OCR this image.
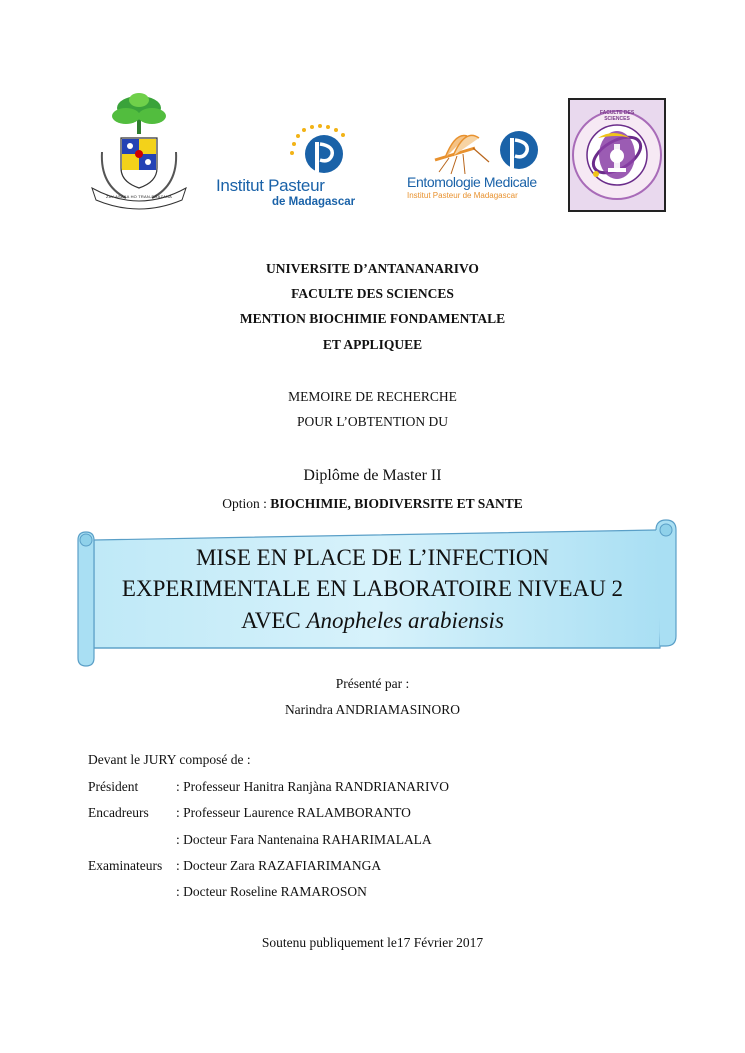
ZAY ASAKA HO TRAN-DRAZANA
Institut Pasteur
de Madagascar
Entomologie Medicale
Institut Pasteur de Madagascar
FACULTE DES SCIENCES
UNIVERSITE D’ANTANANARIVO
FACULTE DES SCIENCES
MENTION BIOCHIMIE FONDAMENTALE
ET APPLIQUEE
MEMOIRE DE RECHERCHE
POUR L’OBTENTION DU
Diplôme de Master II
Option : BIOCHIMIE, BIODIVERSITE ET SANTE
MISE EN PLACE DE L’INFECTION
EXPERIMENTALE EN LABORATOIRE NIVEAU 2
AVEC Anopheles arabiensis
Présenté par :
Narindra ANDRIAMASINORO
Devant le JURY composé de :
Président	: Professeur Hanitra Ranjàna RANDRIANARIVO
Encadreurs : Professeur Laurence RALAMBORANTO
: Docteur Fara Nantenaina RAHARIMALALA
Examinateurs : Docteur Zara RAZAFIARIMANGA
: Docteur Roseline RAMAROSON
Soutenu publiquement le17 Février 2017
